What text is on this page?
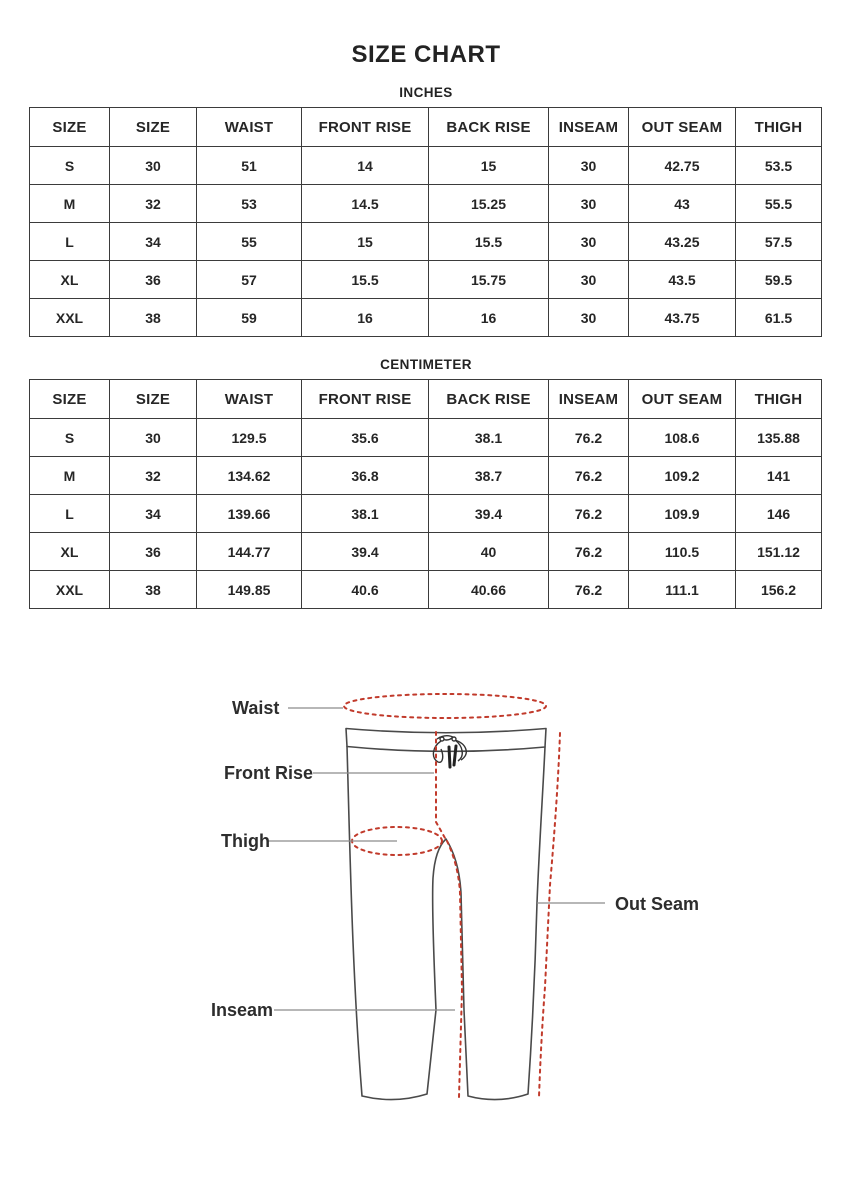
SIZE CHART
INCHES
SIZE	SIZE	WAIST	FRONT RISE	BACK RISE	INSEAM	OUT SEAM	THIGH
S	30	51	14	15	30	42.75	53.5
M	32	53	14.5	15.25	30	43	55.5
L	34	55	15	15.5	30	43.25	57.5
XL	36	57	15.5	15.75	30	43.5	59.5
XXL	38	59	16	16	30	43.75	61.5
CENTIMETER
SIZE	SIZE	WAIST	FRONT RISE	BACK RISE	INSEAM	OUT SEAM	THIGH
S	30	129.5	35.6	38.1	76.2	108.6	135.88
M	32	134.62	36.8	38.7	76.2	109.2	141
L	34	139.66	38.1	39.4	76.2	109.9	146
XL	36	144.77	39.4	40	76.2	110.5	151.12
XXL	38	149.85	40.6	40.66	76.2	111.1	156.2
Waist
Front Rise
Thigh
Out Seam
Inseam
